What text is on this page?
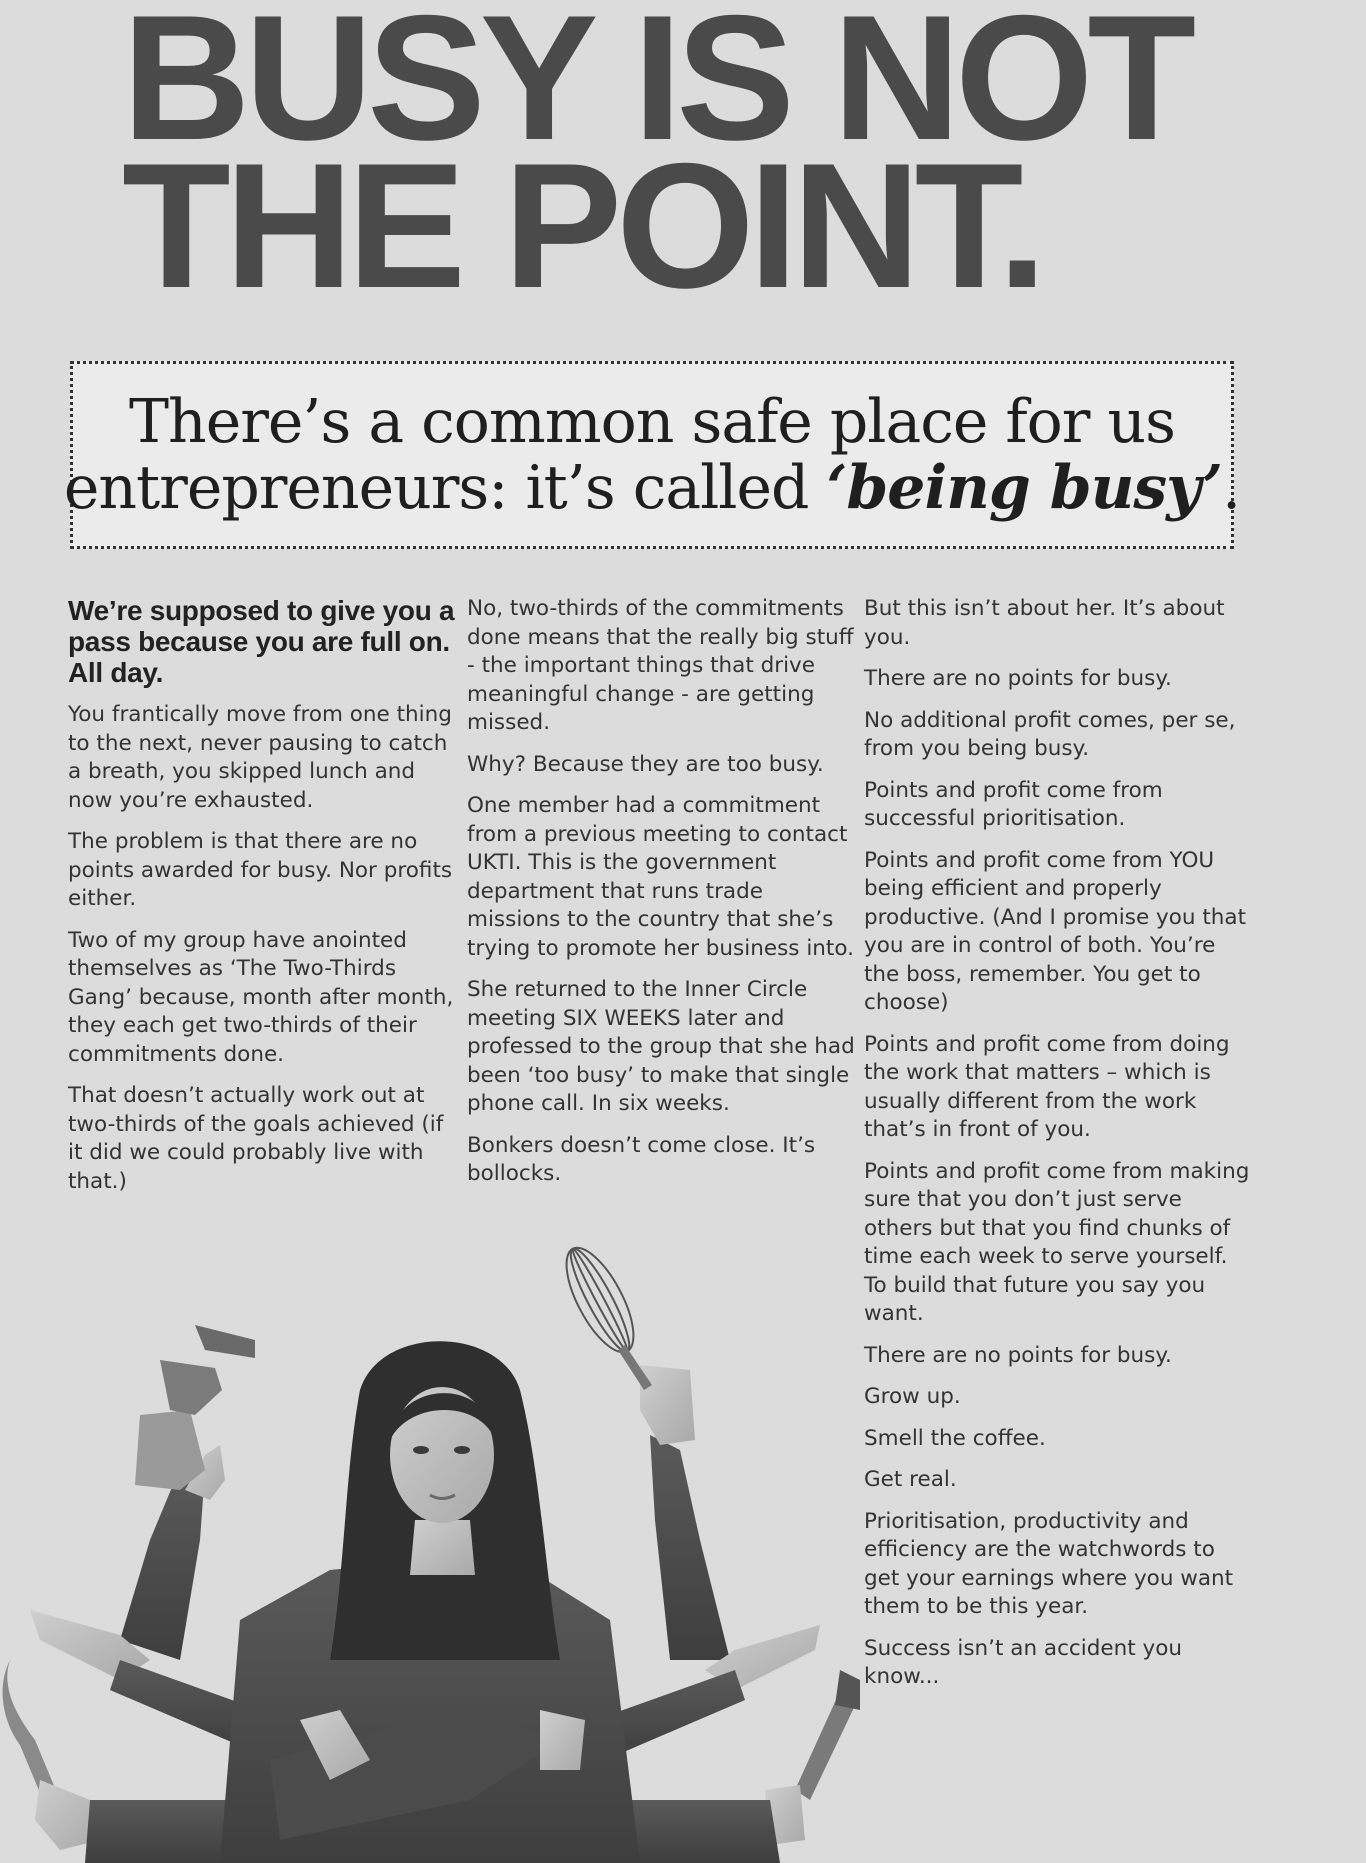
BUSY IS NOT
THE POINT.
There’s a common safe place for us
entrepreneurs: it’s called ‘being busy’.

We’re supposed to give you a pass because you are full on. All day.

You frantically move from one thing to the next, never pausing to catch a breath, you skipped lunch and now you’re exhausted.

The problem is that there are no points awarded for busy. Nor profits either.

Two of my group have anointed themselves as ‘The Two-Thirds Gang’ because, month after month, they each get two-thirds of their commitments done.

That doesn’t actually work out at two-thirds of the goals achieved (if it did we could probably live with that.)

No, two-thirds of the commitments done means that the really big stuff - the important things that drive meaningful change - are getting missed.

Why? Because they are too busy.

One member had a commitment from a previous meeting to contact UKTI. This is the government department that runs trade missions to the country that she’s trying to promote her business into.

She returned to the Inner Circle meeting SIX WEEKS later and professed to the group that she had been ‘too busy’ to make that single phone call. In six weeks.

Bonkers doesn’t come close. It’s bollocks.

But this isn’t about her. It’s about you.

There are no points for busy.

No additional profit comes, per se, from you being busy.

Points and profit come from successful prioritisation.

Points and profit come from YOU being efficient and properly productive. (And I promise you that you are in control of both. You’re the boss, remember. You get to choose)

Points and profit come from doing the work that matters – which is usually different from the work that’s in front of you.

Points and profit come from making sure that you don’t just serve others but that you find chunks of time each week to serve yourself. To build that future you say you want.

There are no points for busy.

Grow up.

Smell the coffee.

Get real.

Prioritisation, productivity and efficiency are the watchwords to get your earnings where you want them to be this year.

Success isn’t an accident you know...
